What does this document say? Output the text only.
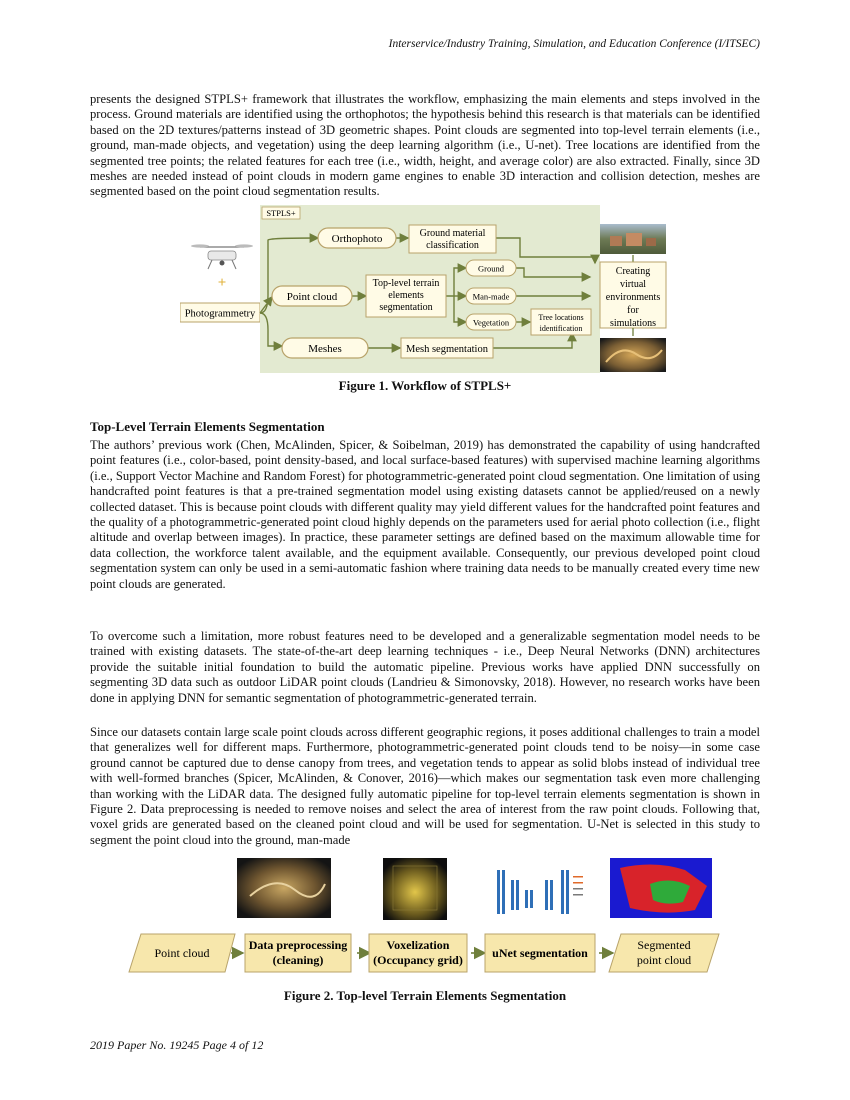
Interservice/Industry Training, Simulation, and Education Conference (I/ITSEC)

presents the designed STPLS+ framework that illustrates the workflow, emphasizing the main elements and steps involved in the process. Ground materials are identified using the orthophotos; the hypothesis behind this research is that materials can be identified based on the 2D textures/patterns instead of 3D geometric shapes. Point clouds are segmented into top-level terrain elements (i.e., ground, man-made objects, and vegetation) using the deep learning algorithm (i.e., U-net). Tree locations are identified from the segmented tree points; the related features for each tree (i.e., width, height, and average color) are also extracted. Finally, since 3D meshes are needed instead of point clouds in modern game engines to enable 3D interaction and collision detection, meshes are segmented based on the point cloud segmentation results.

+
Photogrammetry
STPLS+
Orthophoto	Ground material
classification
Point cloud
Top-level terrain
elements
segmentation
Ground
Man-made
Vegetation	Tree locations
identification
Meshes	Mesh segmentation
Creating
virtual
environments
for
simulations
Figure 1. Workflow of STPLS+
Top-Level Terrain Elements Segmentation

The authors’ previous work (Chen, McAlinden, Spicer, & Soibelman, 2019) has demonstrated the capability of using handcrafted point features (i.e., color-based, point density-based, and local surface-based features) with supervised machine learning algorithms (i.e., Support Vector Machine and Random Forest) for photogrammetric-generated point cloud segmentation. One limitation of using handcrafted point features is that a pre-trained segmentation model using existing datasets cannot be applied/reused on a newly collected dataset. This is because point clouds with different quality may yield different values for the handcrafted point features and the quality of a photogrammetric-generated point cloud highly depends on the parameters used for aerial photo collection (i.e., flight altitude and overlap between images). In practice, these parameter settings are defined based on the maximum allowable time for data collection, the workforce talent available, and the equipment available. Consequently, our previous developed point cloud segmentation system can only be used in a semi-automatic fashion where training data needs to be manually created every time new point clouds are generated.

To overcome such a limitation, more robust features need to be developed and a generalizable segmentation model needs to be trained with existing datasets. The state-of-the-art deep learning techniques - i.e., Deep Neural Networks (DNN) architectures provide the suitable initial foundation to build the automatic pipeline. Previous works have applied DNN successfully on segmenting 3D data such as outdoor LiDAR point clouds (Landrieu & Simonovsky, 2018). However, no research works have been done in applying DNN for semantic segmentation of photogrammetric-generated terrain.

Since our datasets contain large scale point clouds across different geographic regions, it poses additional challenges to train a model that generalizes well for different maps. Furthermore, photogrammetric-generated point clouds tend to be noisy—in some case ground cannot be captured due to dense canopy from trees, and vegetation tends to appear as solid blobs instead of individual tree with well-formed branches (Spicer, McAlinden, & Conover, 2016)—which makes our segmentation task even more challenging than working with the LiDAR data. The designed fully automatic pipeline for top-level terrain elements segmentation is shown in Figure 2. Data preprocessing is needed to remove noises and select the area of interest from the raw point clouds. Following that, voxel grids are generated based on the cleaned point cloud and will be used for segmentation. U-Net is selected in this study to segment the point cloud into the ground, man-made

Point cloud
Data preprocessing
(cleaning)
Voxelization
(Occupancy grid) uNet segmentation
Segmented
point cloud
Figure 2. Top-level Terrain Elements Segmentation
2019 Paper No. 19245 Page 4 of 12
